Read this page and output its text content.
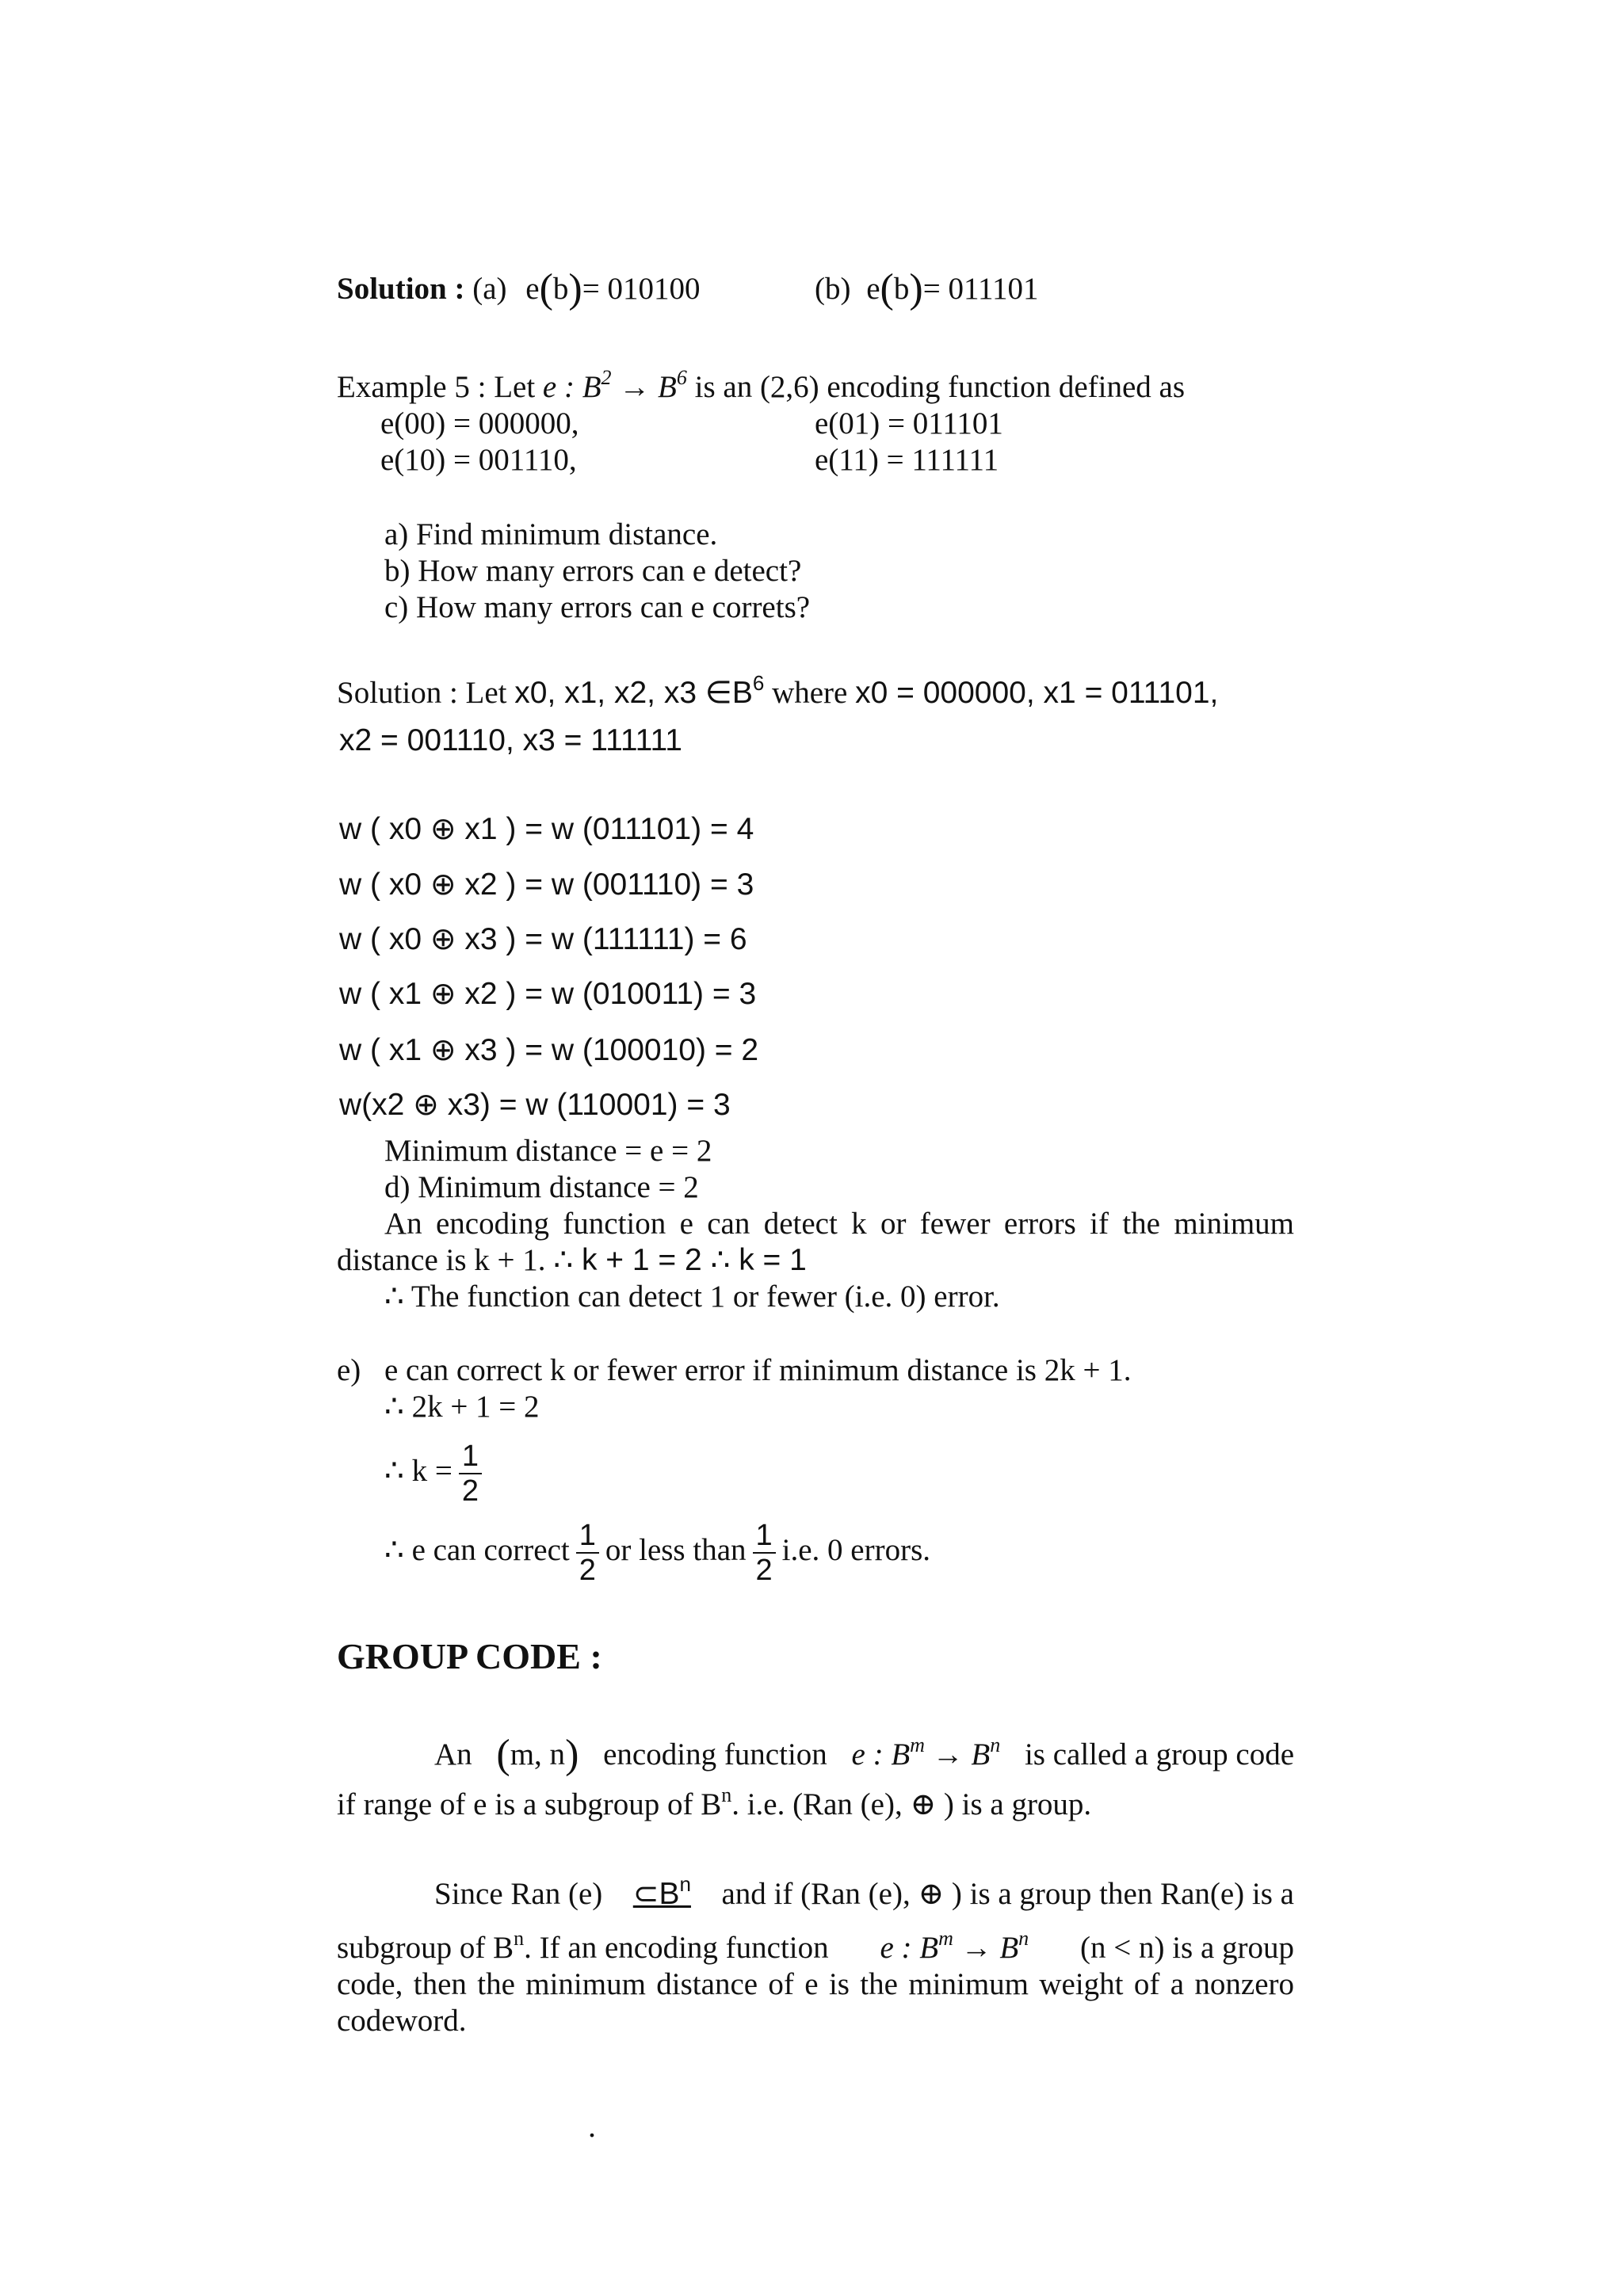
Solution : (a) e(b)= 010100	(b) e(b)= 011101
Example 5 : Let e : $B^2 \to B^6$ is an (2,6) encoding function defined as
e(00) = 000000,	e(01) = 011101
e(10) = 001110,	e(11) = 111111
a) Find minimum distance.
b) How many errors can e detect?
c) How many errors can e correts?
Solution : Let x0, x1, x2, x3 $\in B^6$ where x0 = 000000, x1 = 011101,
x2 = 001110, x3 = 111111
w ( x0 ⊕ x1 ) = w (011101) = 4
w ( x0 ⊕ x2 ) = w (001110) = 3
w ( x0 ⊕ x3 ) = w (111111) = 6
w ( x1 ⊕ x2 ) = w (010011) = 3
w ( x1 ⊕ x3 ) = w (100010) = 2
w(x2 ⊕ x3) = w (110001) = 3
Minimum distance = e = 2
d) Minimum distance = 2
An encoding function e can detect k or fewer errors if the minimum
distance is k + 1. ∴ k + 1 = 2 ∴ k = 1
∴ The function can detect 1 or fewer (i.e. 0) error.
e) e can correct k or fewer error if minimum distance is 2k + 1.
∴ 2k + 1 = 2
∴ $k = \frac{1}{2}$
∴ e can correct $\frac{1}{2}$ or less than $\frac{1}{2} i.e$. 0 errors.
GROUP CODE :
An (m, n) encoding function e : $B^m \to B^n$ is called a group code
if range of e is a subgroup of $B^n$. i.e. (Ran (e), ⊕ ) is a group.
Since Ran (e) $\subset B^n$ and if (Ran (e), ⊕ ) is a group then Ran(e) is a
subgroup of $B^n$. If an encoding function e : $B^m \to B^n$ (n < n) is a group
code, then the minimum distance of e is the minimum weight of a nonzero
codeword.
.
